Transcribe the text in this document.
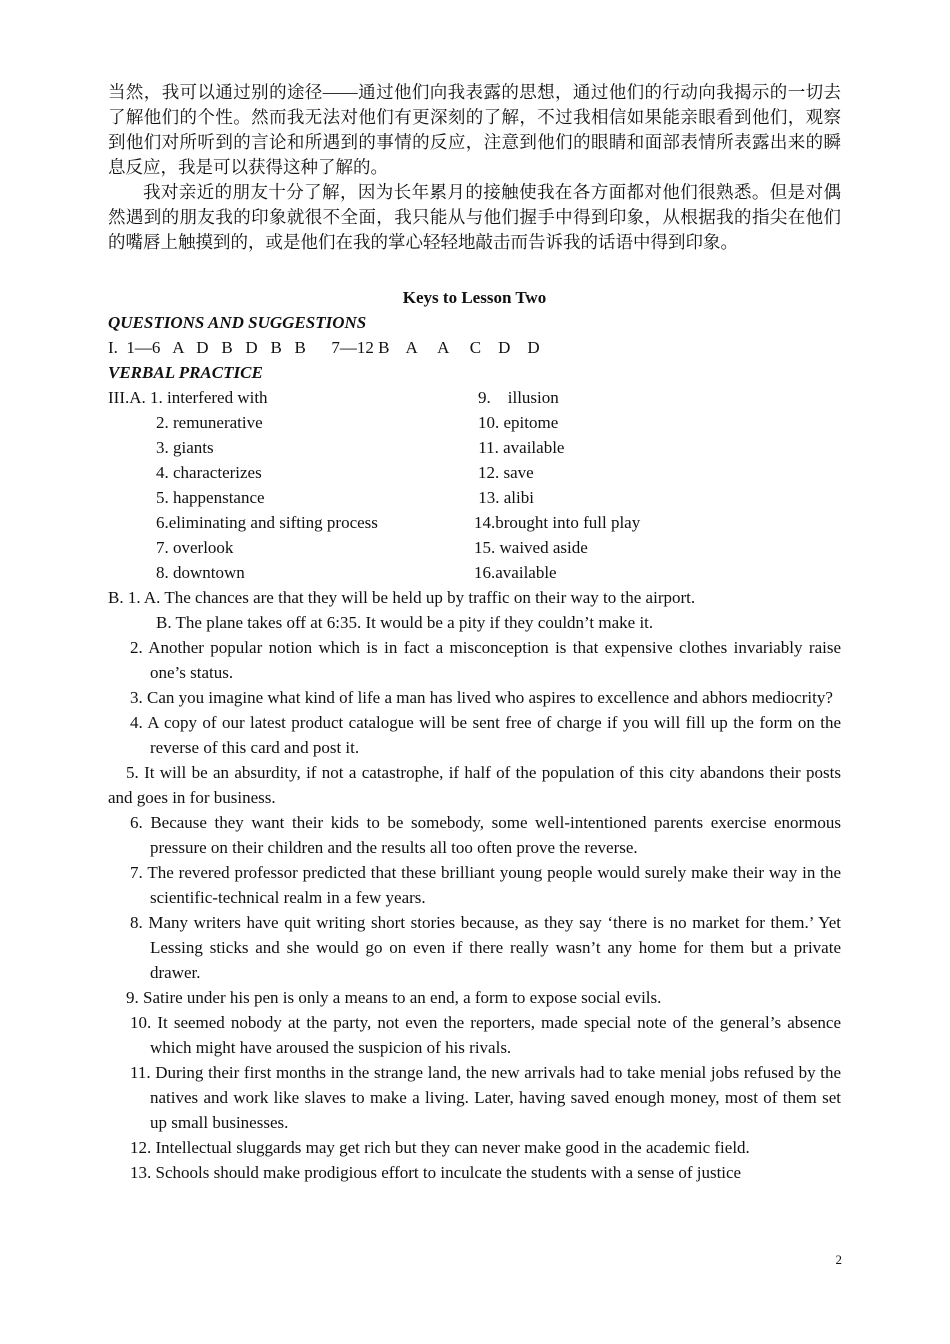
当然，我可以通过别的途径——通过他们向我表露的思想，通过他们的行动向我揭示的一切去了解他们的个性。然而我无法对他们有更深刻的了解，不过我相信如果能亲眼看到他们，观察到他们对所听到的言论和所遇到的事情的反应，注意到他们的眼睛和面部表情所表露出来的瞬息反应，我是可以获得这种了解的。

我对亲近的朋友十分了解，因为长年累月的接触使我在各方面都对他们很熟悉。但是对偶然遇到的朋友我的印象就很不全面，我只能从与他们握手中得到印象，从根据我的指尖在他们的嘴唇上触摸到的，或是他们在我的掌心轻轻地敲击而告诉我的话语中得到印象。

Keys to Lesson Two
QUESTIONS AND SUGGESTIONS
I.  1—6   A   D   B   D   B   B      7—12 B    A     A     C    D    D
VERBAL PRACTICE
III.A. 1. interfered with
2. remunerative
3. giants
4. characterizes
5. happenstance
6.eliminating and sifting process
7. overlook
8. downtown
9.    illusion
10. epitome
11. available
12. save
13. alibi
14.brought into full play
15. waived aside
16.available
B. 1. A. The chances are that they will be held up by traffic on their way to the airport.
B. The plane takes off at 6:35. It would be a pity if they couldn’t make it.
2. Another popular notion which is in fact a misconception is that expensive clothes invariably raise one’s status.
3. Can you imagine what kind of life a man has lived who aspires to excellence and abhors mediocrity?
4. A copy of our latest product catalogue will be sent free of charge if you will fill up the form on the reverse of this card and post it.
5. It will be an absurdity, if not a catastrophe, if half of the population of this city abandons their posts and goes in for business.
6. Because they want their kids to be somebody, some well-intentioned parents exercise enormous pressure on their children and the results all too often prove the reverse.
7. The revered professor predicted that these brilliant young people would surely make their way in the scientific-technical realm in a few years.
8. Many writers have quit writing short stories because, as they say ‘there is no market for them.’ Yet Lessing sticks and she would go on even if there really wasn’t any home for them but a private drawer.
9. Satire under his pen is only a means to an end, a form to expose social evils.
10. It seemed nobody at the party, not even the reporters, made special note of the general’s absence which might have aroused the suspicion of his rivals.
11. During their first months in the strange land, the new arrivals had to take menial jobs refused by the natives and work like slaves to make a living. Later, having saved enough money, most of them set up small businesses.
12. Intellectual sluggards may get rich but they can never make good in the academic field.
13. Schools should make prodigious effort to inculcate the students with a sense of justice
2
